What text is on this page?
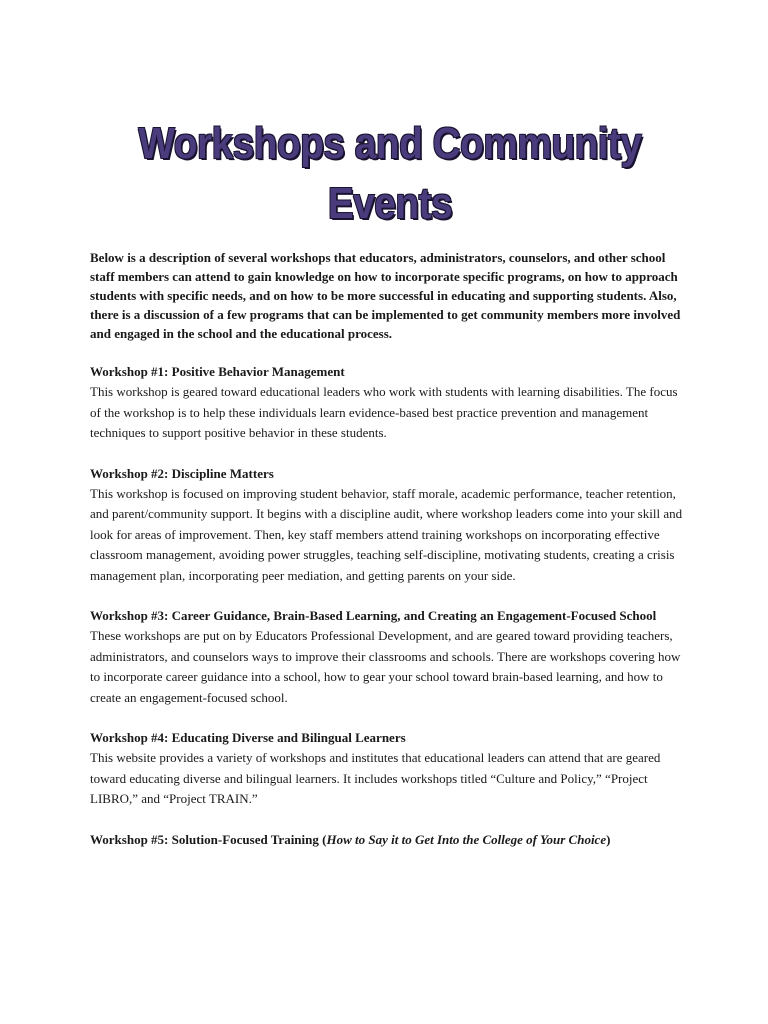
Workshops and Community Events

Below is a description of several workshops that educators, administrators, counselors, and other school staff members can attend to gain knowledge on how to incorporate specific programs, on how to approach students with specific needs, and on how to be more successful in educating and supporting students. Also, there is a discussion of a few programs that can be implemented to get community members more involved and engaged in the school and the educational process.

Workshop #1: Positive Behavior Management

This workshop is geared toward educational leaders who work with students with learning disabilities. The focus of the workshop is to help these individuals learn evidence-based best practice prevention and management techniques to support positive behavior in these students.

Workshop #2: Discipline Matters

This workshop is focused on improving student behavior, staff morale, academic performance, teacher retention, and parent/community support. It begins with a discipline audit, where workshop leaders come into your skill and look for areas of improvement. Then, key staff members attend training workshops on incorporating effective classroom management, avoiding power struggles, teaching self-discipline, motivating students, creating a crisis management plan, incorporating peer mediation, and getting parents on your side.

Workshop #3: Career Guidance, Brain-Based Learning, and Creating an Engagement-Focused School

These workshops are put on by Educators Professional Development, and are geared toward providing teachers, administrators, and counselors ways to improve their classrooms and schools. There are workshops covering how to incorporate career guidance into a school, how to gear your school toward brain-based learning, and how to create an engagement-focused school.

Workshop #4: Educating Diverse and Bilingual Learners

This website provides a variety of workshops and institutes that educational leaders can attend that are geared toward educating diverse and bilingual learners. It includes workshops titled “Culture and Policy,” “Project LIBRO,” and “Project TRAIN.”

Workshop #5: Solution-Focused Training (How to Say it to Get Into the College of Your Choice)
